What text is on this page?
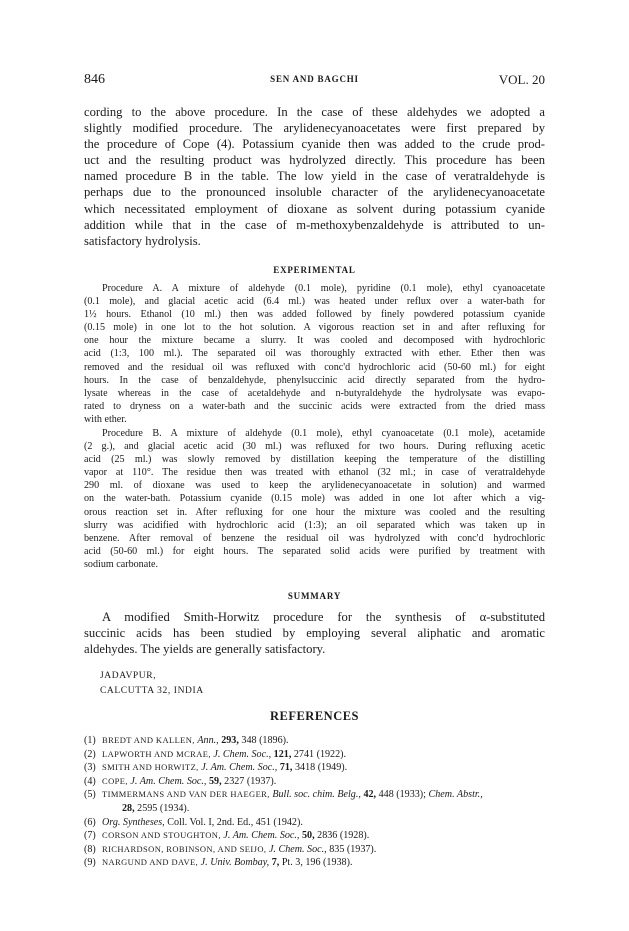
846	SEN AND BAGCHI	VOL. 20

cording to the above procedure. In the case of these aldehydes we adopted a
slightly modified procedure. The arylidenecyanoacetates were first prepared by
the procedure of Cope (4). Potassium cyanide then was added to the crude prod-
uct and the resulting product was hydrolyzed directly. This procedure has been
named procedure B in the table. The low yield in the case of veratraldehyde is
perhaps due to the pronounced insoluble character of the arylidenecyanoacetate
which necessitated employment of dioxane as solvent during potassium cyanide
addition while that in the case of m-methoxybenzaldehyde is attributed to un-
satisfactory hydrolysis.

EXPERIMENTAL

Procedure A. A mixture of aldehyde (0.1 mole), pyridine (0.1 mole), ethyl cyanoacetate
(0.1 mole), and glacial acetic acid (6.4 ml.) was heated under reflux over a water-bath for
1½ hours. Ethanol (10 ml.) then was added followed by finely powdered potassium cyanide
(0.15 mole) in one lot to the hot solution. A vigorous reaction set in and after refluxing for
one hour the mixture became a slurry. It was cooled and decomposed with hydrochloric
acid (1:3, 100 ml.). The separated oil was thoroughly extracted with ether. Ether then was
removed and the residual oil was refluxed with conc'd hydrochloric acid (50-60 ml.) for eight
hours. In the case of benzaldehyde, phenylsuccinic acid directly separated from the hydro-
lysate whereas in the case of acetaldehyde and n-butyraldehyde the hydrolysate was evapo-
rated to dryness on a water-bath and the succinic acids were extracted from the dried mass
with ether.

Procedure B. A mixture of aldehyde (0.1 mole), ethyl cyanoacetate (0.1 mole), acetamide
(2 g.), and glacial acetic acid (30 ml.) was refluxed for two hours. During refluxing acetic
acid (25 ml.) was slowly removed by distillation keeping the temperature of the distilling
vapor at 110°. The residue then was treated with ethanol (32 ml.; in case of veratraldehyde
290 ml. of dioxane was used to keep the arylidenecyanoacetate in solution) and warmed
on the water-bath. Potassium cyanide (0.15 mole) was added in one lot after which a vig-
orous reaction set in. After refluxing for one hour the mixture was cooled and the resulting
slurry was acidified with hydrochloric acid (1:3); an oil separated which was taken up in
benzene. After removal of benzene the residual oil was hydrolyzed with conc'd hydrochloric
acid (50-60 ml.) for eight hours. The separated solid acids were purified by treatment with
sodium carbonate.

SUMMARY

A modified Smith-Horwitz procedure for the synthesis of α-substituted
succinic acids has been studied by employing several aliphatic and aromatic
aldehydes. The yields are generally satisfactory.

JADAVPUR,

CALCUTTA 32, INDIA

REFERENCES
(1) BREDT AND KALLEN, Ann., 293, 348 (1896).
(2) LAPWORTH AND MCRAE, J. Chem. Soc., 121, 2741 (1922).
(3) SMITH AND HORWITZ, J. Am. Chem. Soc., 71, 3418 (1949).
(4) COPE, J. Am. Chem. Soc., 59, 2327 (1937).
(5) TIMMERMANS AND VAN DER HAEGER, Bull. soc. chim. Belg., 42, 448 (1933); Chem. Abstr.,
28, 2595 (1934).
(6) Org. Syntheses, Coll. Vol. I, 2nd. Ed., 451 (1942).
(7) CORSON AND STOUGHTON, J. Am. Chem. Soc., 50, 2836 (1928).
(8) RICHARDSON, ROBINSON, AND SEIJO, J. Chem. Soc., 835 (1937).
(9) NARGUND AND DAVE, J. Univ. Bombay, 7, Pt. 3, 196 (1938).
